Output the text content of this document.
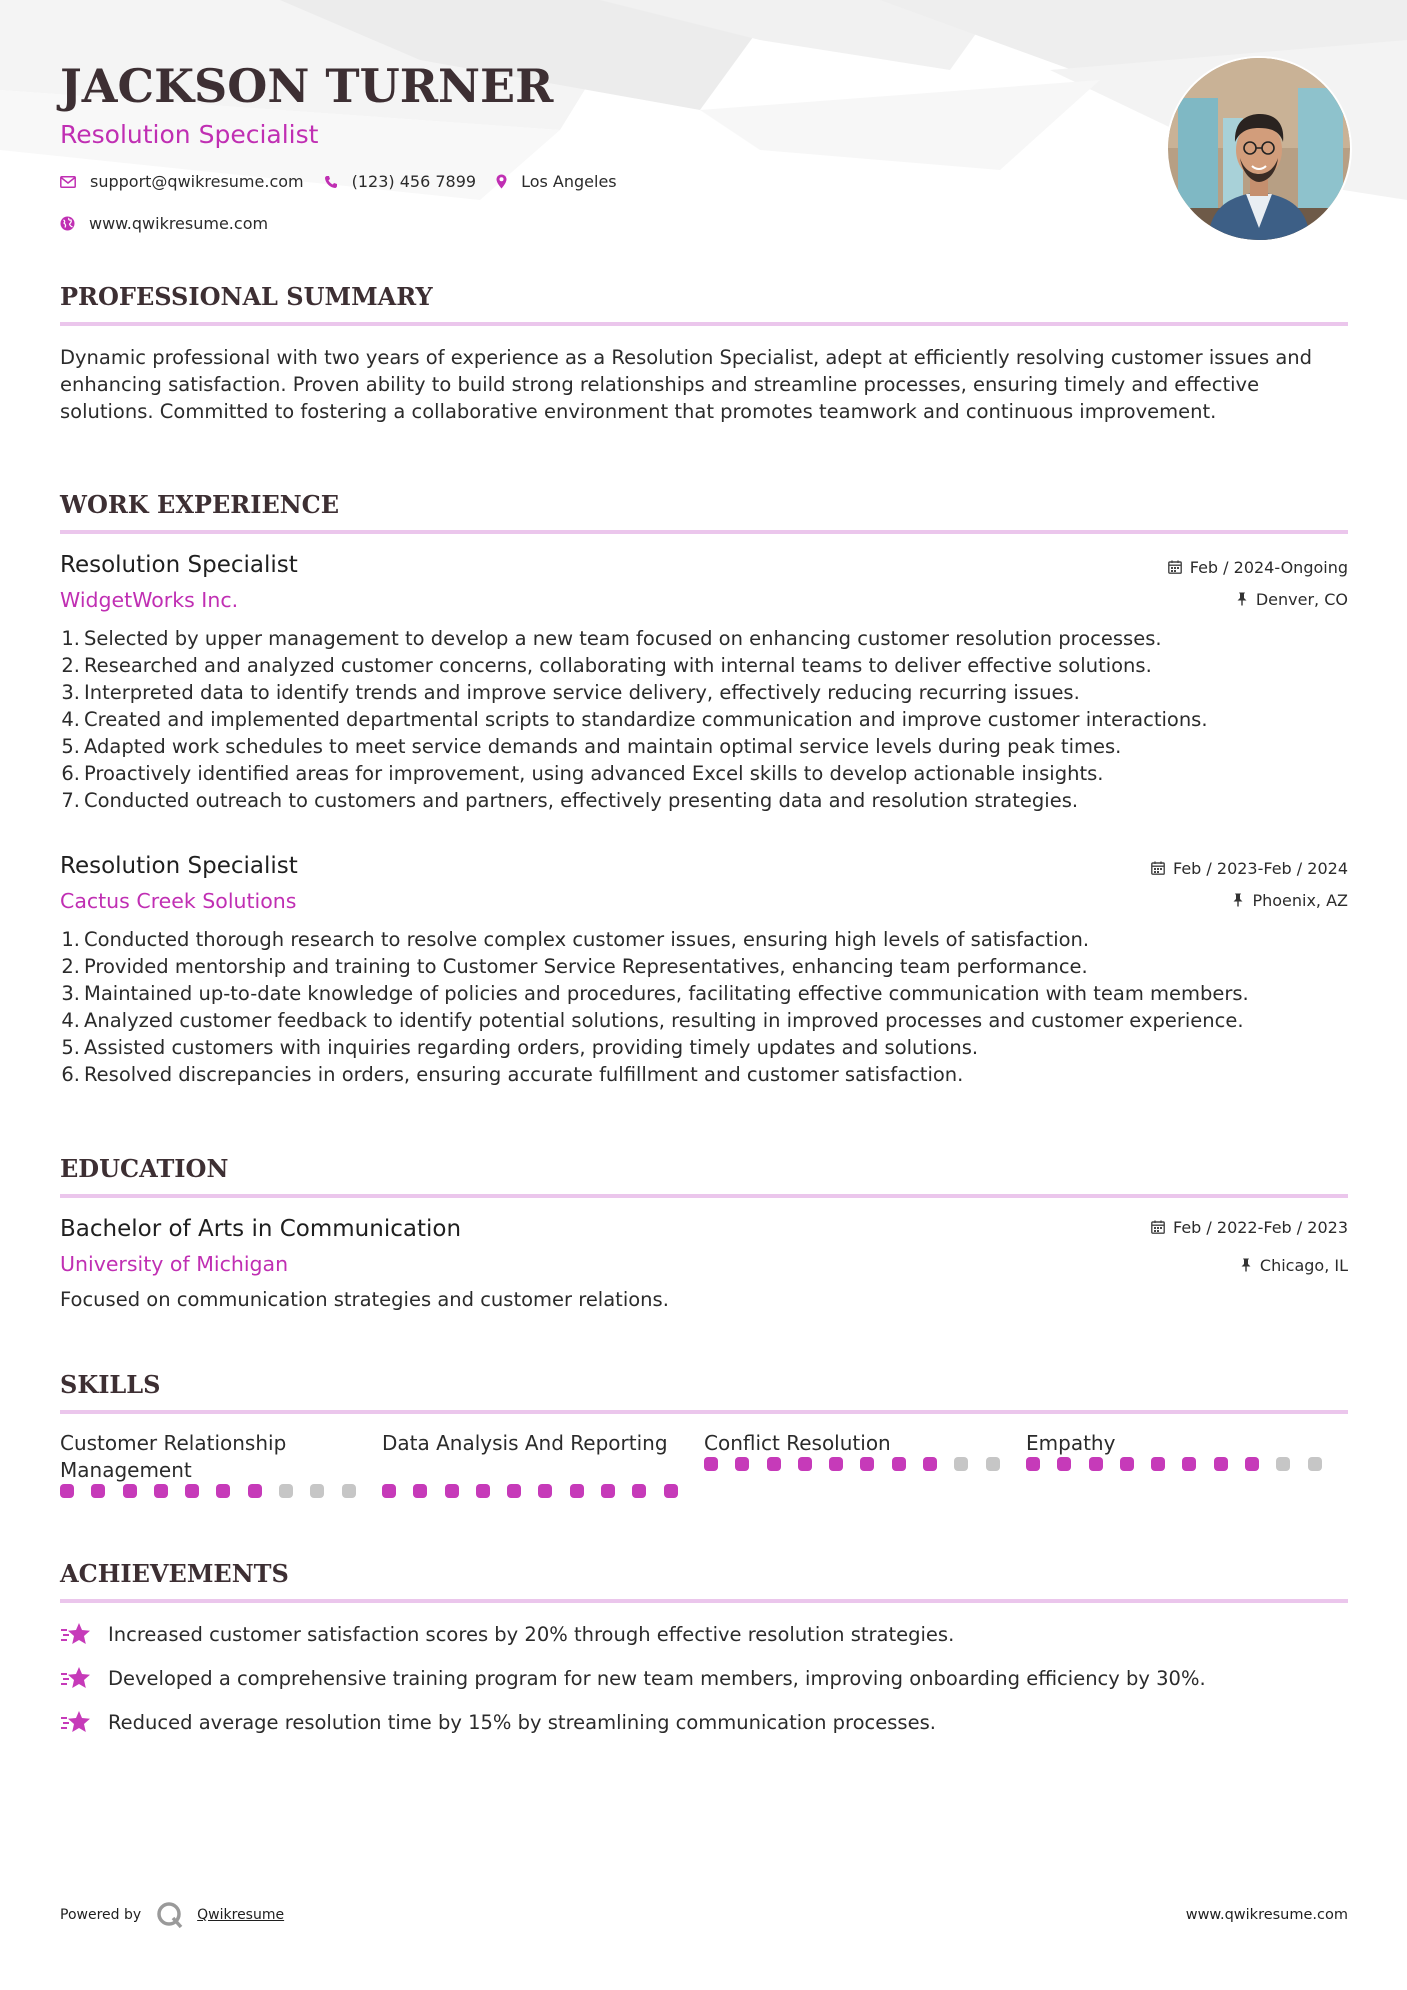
JACKSON TURNER
Resolution Specialist
support@qwikresume.com	(123) 456 7899	Los Angeles
www.qwikresume.com
PROFESSIONAL SUMMARY

Dynamic professional with two years of experience as a Resolution Specialist, adept at efficiently resolving customer issues and enhancing satisfaction. Proven ability to build strong relationships and streamline processes, ensuring timely and effective solutions. Committed to fostering a collaborative environment that promotes teamwork and continuous improvement.

WORK EXPERIENCE
Resolution Specialist
WidgetWorks Inc.
Feb / 2024-Ongoing
Denver, CO
1. Selected by upper management to develop a new team focused on enhancing customer resolution processes.
2. Researched and analyzed customer concerns, collaborating with internal teams to deliver effective solutions.
3. Interpreted data to identify trends and improve service delivery, effectively reducing recurring issues.
4. Created and implemented departmental scripts to standardize communication and improve customer interactions.
5. Adapted work schedules to meet service demands and maintain optimal service levels during peak times.
6. Proactively identified areas for improvement, using advanced Excel skills to develop actionable insights.
7. Conducted outreach to customers and partners, effectively presenting data and resolution strategies.
Resolution Specialist
Cactus Creek Solutions
Feb / 2023-Feb / 2024
Phoenix, AZ
1. Conducted thorough research to resolve complex customer issues, ensuring high levels of satisfaction.
2. Provided mentorship and training to Customer Service Representatives, enhancing team performance.
3. Maintained up-to-date knowledge of policies and procedures, facilitating effective communication with team members.
4. Analyzed customer feedback to identify potential solutions, resulting in improved processes and customer experience.
5. Assisted customers with inquiries regarding orders, providing timely updates and solutions.
6. Resolved discrepancies in orders, ensuring accurate fulfillment and customer satisfaction.
EDUCATION
Bachelor of Arts in Communication
University of Michigan
Feb / 2022-Feb / 2023
Chicago, IL

Focused on communication strategies and customer relations.

SKILLS
Customer Relationship Management
Data Analysis And Reporting	Conflict Resolution	Empathy
ACHIEVEMENTS
Increased customer satisfaction scores by 20% through effective resolution strategies.
Developed a comprehensive training program for new team members, improving onboarding efficiency by 30%.
Reduced average resolution time by 15% by streamlining communication processes.
Powered by	Qwikresume	www.qwikresume.com
